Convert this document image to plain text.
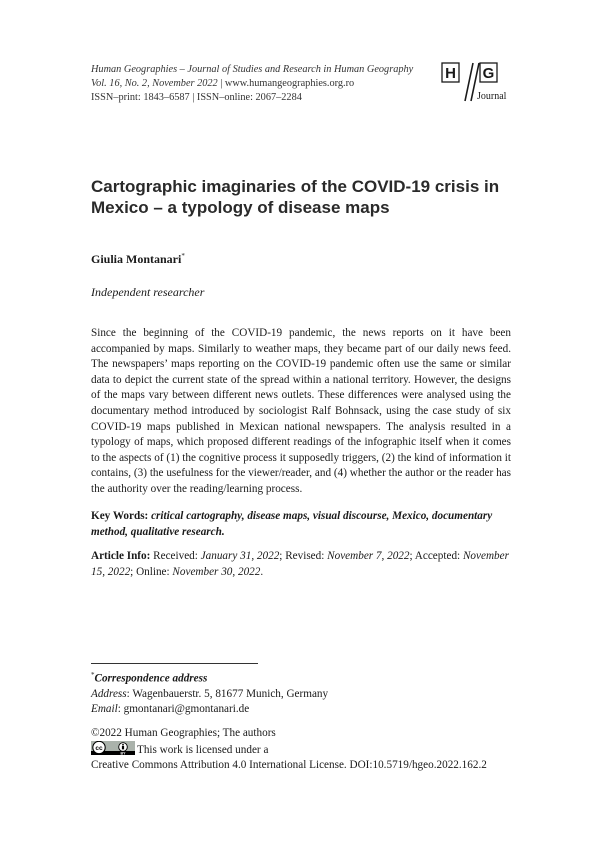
Human Geographies – Journal of Studies and Research in Human Geography
Vol. 16, No. 2, November 2022 | www.humangeographies.org.ro
ISSN–print: 1843–6587 | ISSN–online: 2067–2284
H G
Journal
Cartographic imaginaries of the COVID-19 crisis in Mexico – a typology of disease maps
Giulia Montanari*
Independent researcher
Since the beginning of the COVID-19 pandemic, the news reports on it have been accompanied by maps. Similarly to weather maps, they became part of our daily news feed. The newspapers’ maps reporting on the COVID-19 pandemic often use the same or similar data to depict the current state of the spread within a national territory. However, the designs of the maps vary between different news outlets. These differences were analysed using the documentary method introduced by sociologist Ralf Bohnsack, using the case study of six COVID-19 maps published in Mexican national newspapers. The analysis resulted in a typology of maps, which proposed different readings of the infographic itself when it comes to the aspects of (1) the cognitive process it supposedly triggers, (2) the kind of information it contains, (3) the usefulness for the viewer/reader, and (4) whether the author or the reader has the authority over the reading/learning process.
Key Words: critical cartography, disease maps, visual discourse, Mexico, documentary method, qualitative research.
Article Info: Received: January 31, 2022; Revised: November 7, 2022; Accepted: November 15, 2022; Online: November 30, 2022.
*Correspondence address
Address: Wagenbauerstr. 5, 81677 Munich, Germany
Email: gmontanari@gmontanari.de
©2022 Human Geographies; The authors
cc
BY This work is licensed under a
Creative Commons Attribution 4.0 International License. DOI:10.5719/hgeo.2022.162.2
